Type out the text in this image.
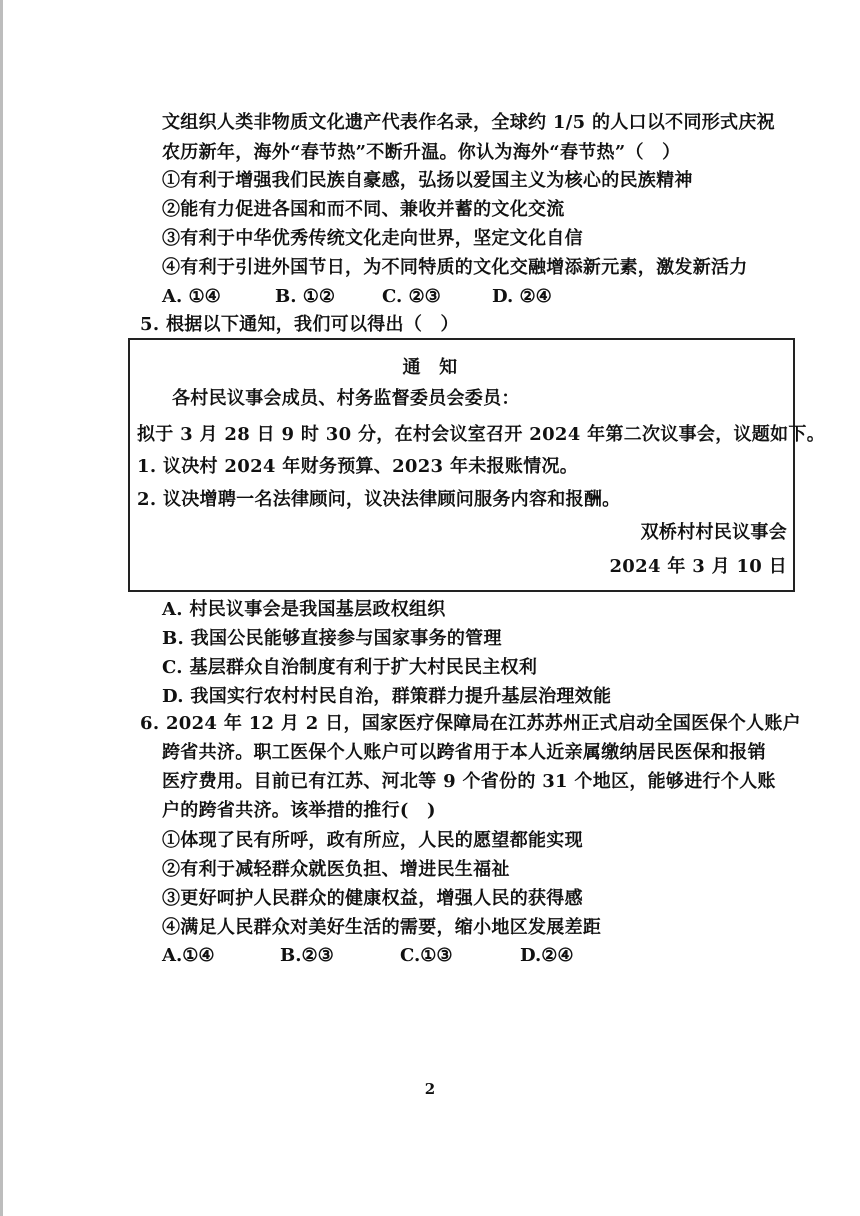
文组织人类非物质文化遗产代表作名录，全球约 1/5 的人口以不同形式庆祝
农历新年，海外“春节热”不断升温。你认为海外“春节热”（　）
①有利于增强我们民族自豪感，弘扬以爱国主义为核心的民族精神
②能有力促进各国和而不同、兼收并蓄的文化交流
③有利于中华优秀传统文化走向世界，坚定文化自信
④有利于引进外国节日，为不同特质的文化交融增添新元素，激发新活力
A. ①④	B. ①②	C. ②③	D. ②④
5. 根据以下通知，我们可以得出（　）
通　知
各村民议事会成员、村务监督委员会委员：
拟于 3 月 28 日 9 时 30 分，在村会议室召开 2024 年第二次议事会，议题如下。
1. 议决村 2024 年财务预算、2023 年未报账情况。
2. 议决增聘一名法律顾问，议决法律顾问服务内容和报酬。
双桥村村民议事会
2024 年 3 月 10 日
A. 村民议事会是我国基层政权组织
B. 我国公民能够直接参与国家事务的管理
C. 基层群众自治制度有利于扩大村民民主权利
D. 我国实行农村村民自治，群策群力提升基层治理效能
6. 2024 年 12 月 2 日，国家医疗保障局在江苏苏州正式启动全国医保个人账户
跨省共济。职工医保个人账户可以跨省用于本人近亲属缴纳居民医保和报销
医疗费用。目前已有江苏、河北等 9 个省份的 31 个地区，能够进行个人账
户的跨省共济。该举措的推行(　)
①体现了民有所呼，政有所应，人民的愿望都能实现
②有利于减轻群众就医负担、增进民生福祉
③更好呵护人民群众的健康权益，增强人民的获得感
④满足人民群众对美好生活的需要，缩小地区发展差距
A.①④	B.②③	C.①③	D.②④
2
